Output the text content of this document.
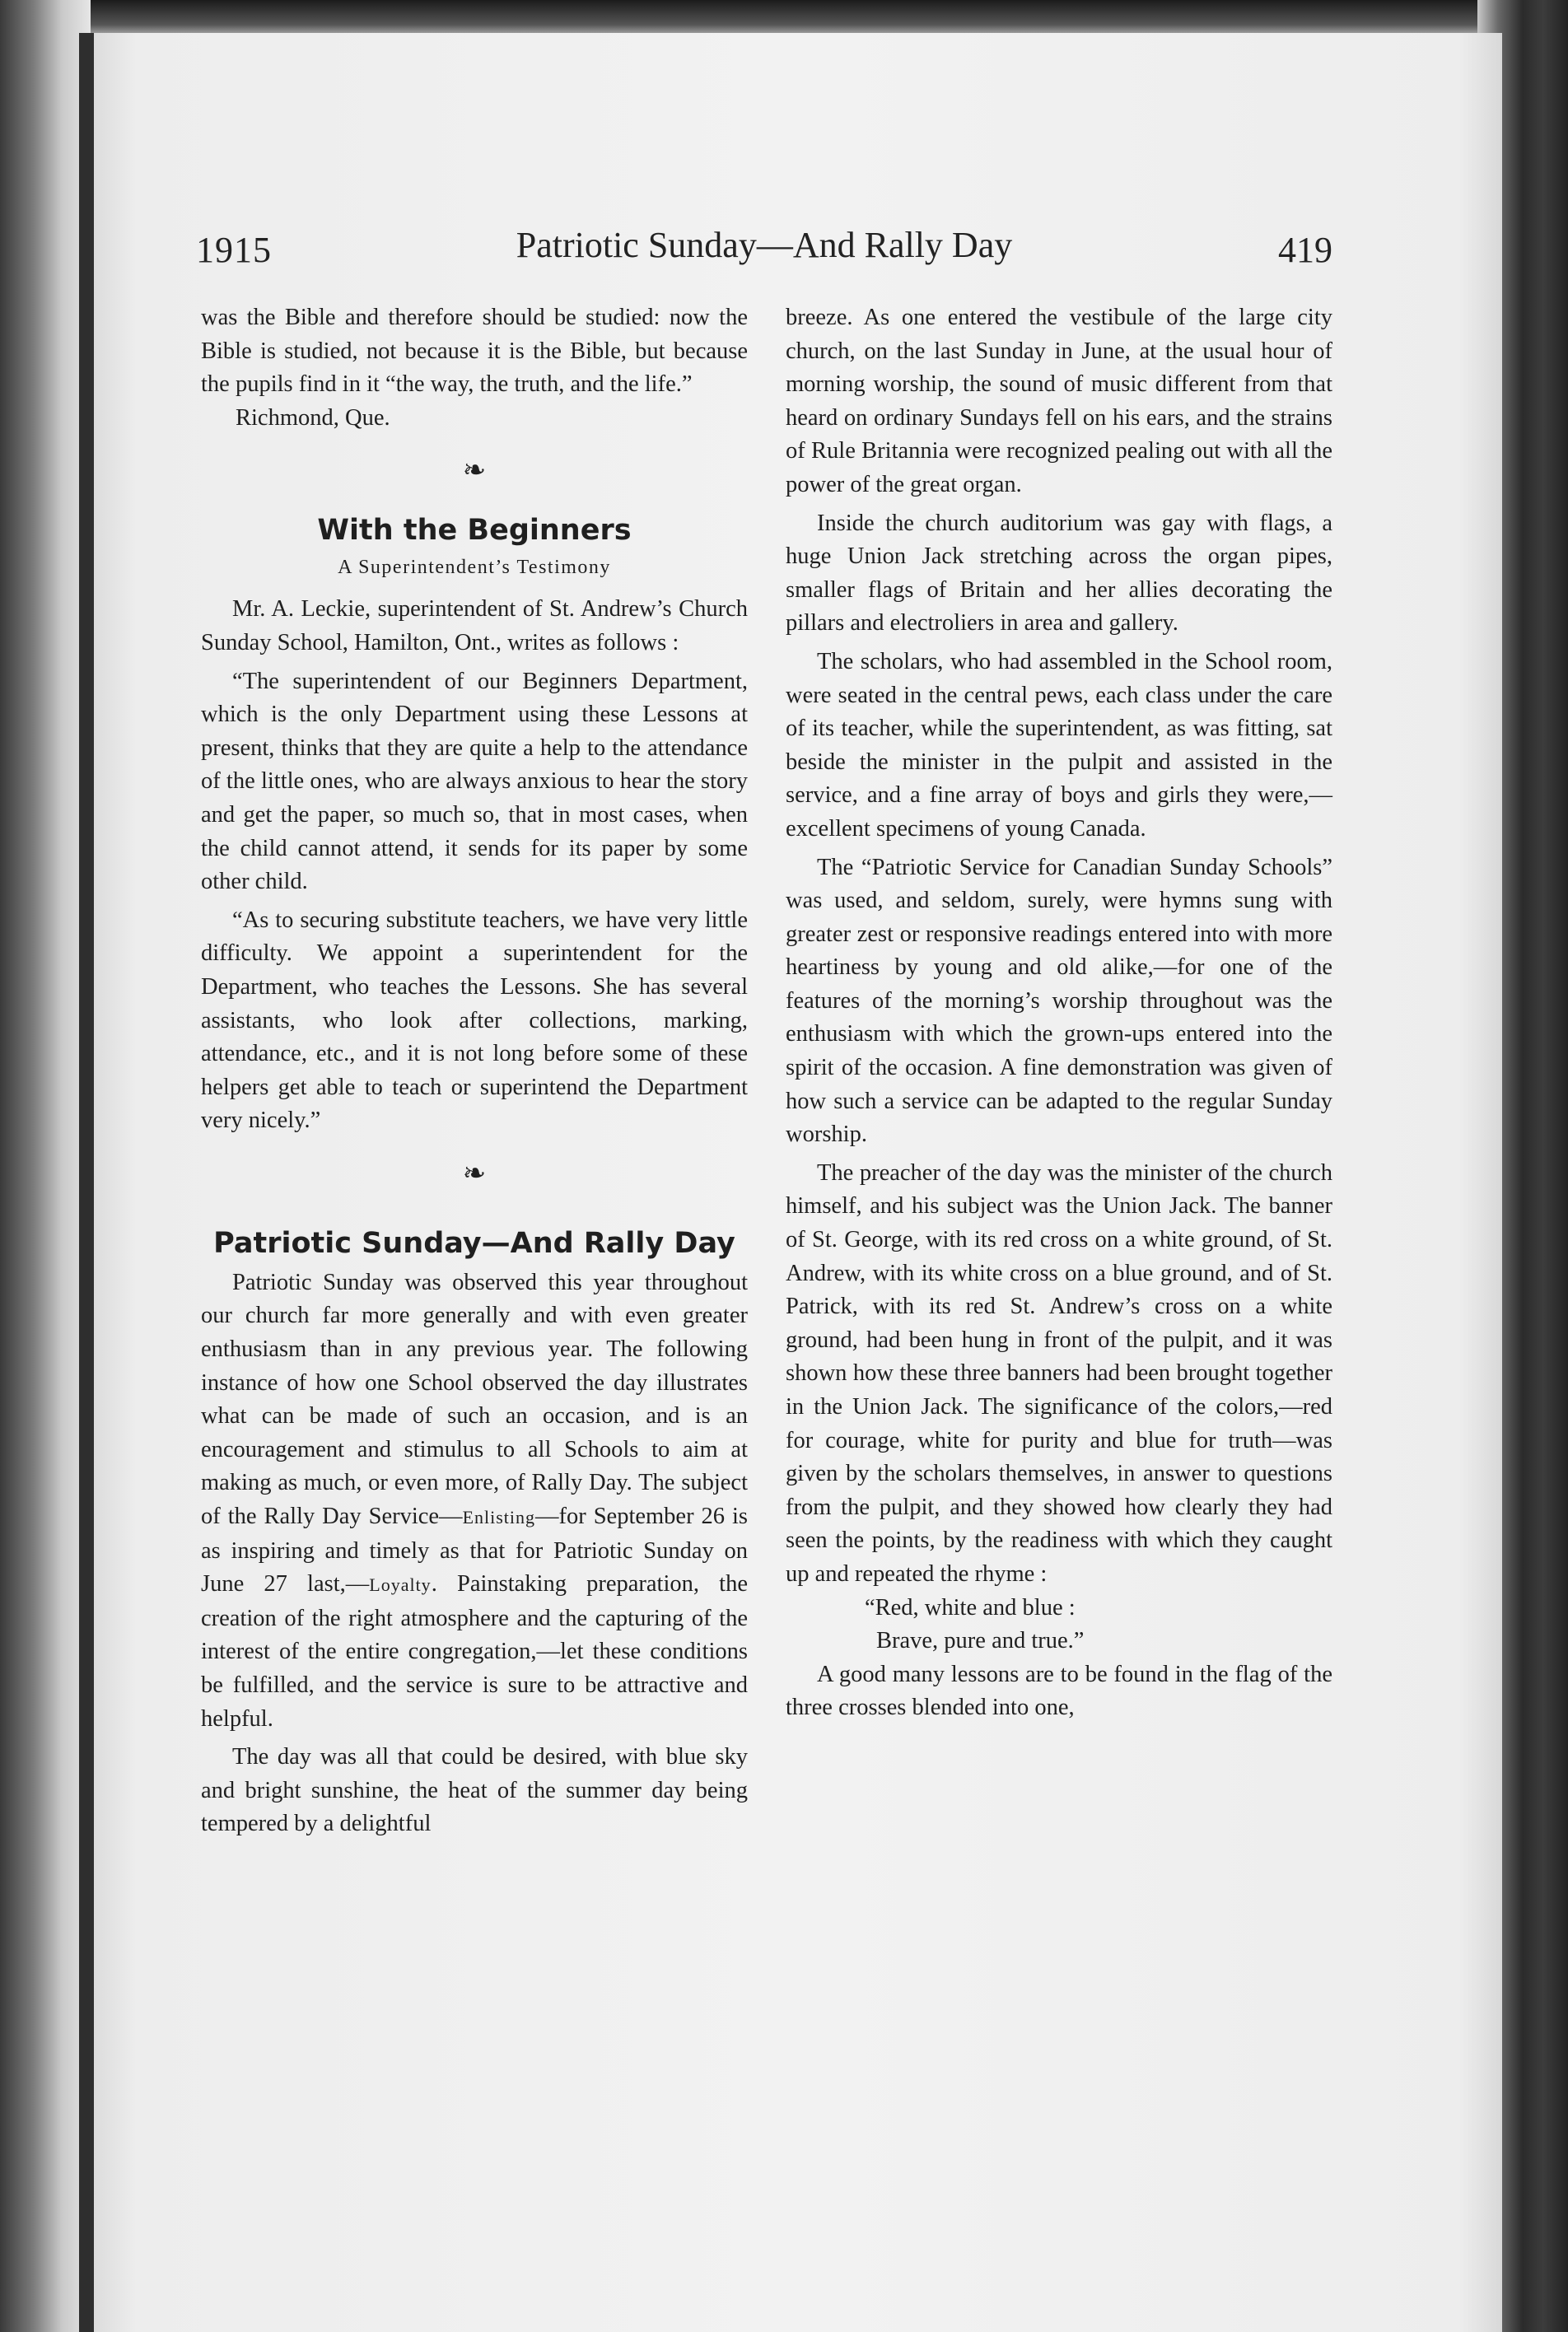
1915	Patriotic Sunday—And Rally Day	419

was the Bible and therefore should be studied: now the Bible is studied, not because it is the Bible, but because the pupils find in it “the way, the truth, and the life.”

Richmond, Que.

❧
With the Beginners
A Superintendent’s Testimony

Mr. A. Leckie, superintendent of St. Andrew’s Church Sunday School, Hamilton, Ont., writes as follows :

“The superintendent of our Beginners Department, which is the only Department using these Lessons at present, thinks that they are quite a help to the attendance of the little ones, who are always anxious to hear the story and get the paper, so much so, that in most cases, when the child cannot attend, it sends for its paper by some other child.

“As to securing substitute teachers, we have very little difficulty. We appoint a superintendent for the Department, who teaches the Lessons. She has several assistants, who look after collections, marking, attendance, etc., and it is not long before some of these helpers get able to teach or superintend the Department very nicely.”

❧
Patriotic Sunday—And Rally Day

Patriotic Sunday was observed this year throughout our church far more generally and with even greater enthusiasm than in any previous year. The following instance of how one School observed the day illustrates what can be made of such an occasion, and is an encouragement and stimulus to all Schools to aim at making as much, or even more, of Rally Day. The subject of the Rally Day Service—Enlisting—for September 26 is as inspiring and timely as that for Patriotic Sunday on June 27 last,—Loyalty. Painstaking preparation, the creation of the right atmosphere and the capturing of the interest of the entire congregation,—let these conditions be fulfilled, and the service is sure to be attractive and helpful.

The day was all that could be desired, with blue sky and bright sunshine, the heat of the summer day being tempered by a delightful

breeze. As one entered the vestibule of the large city church, on the last Sunday in June, at the usual hour of morning worship, the sound of music different from that heard on ordinary Sundays fell on his ears, and the strains of Rule Britannia were recognized pealing out with all the power of the great organ.

Inside the church auditorium was gay with flags, a huge Union Jack stretching across the organ pipes, smaller flags of Britain and her allies decorating the pillars and electroliers in area and gallery.

The scholars, who had assembled in the School room, were seated in the central pews, each class under the care of its teacher, while the superintendent, as was fitting, sat beside the minister in the pulpit and assisted in the service, and a fine array of boys and girls they were,—excellent specimens of young Canada.

The “Patriotic Service for Canadian Sunday Schools” was used, and seldom, surely, were hymns sung with greater zest or responsive readings entered into with more heartiness by young and old alike,—for one of the features of the morning’s worship throughout was the enthusiasm with which the grown-ups entered into the spirit of the occasion. A fine demonstration was given of how such a service can be adapted to the regular Sunday worship.

The preacher of the day was the minister of the church himself, and his subject was the Union Jack. The banner of St. George, with its red cross on a white ground, of St. Andrew, with its white cross on a blue ground, and of St. Patrick, with its red St. Andrew’s cross on a white ground, had been hung in front of the pulpit, and it was shown how these three banners had been brought together in the Union Jack. The significance of the colors,—red for courage, white for purity and blue for truth—was given by the scholars themselves, in answer to questions from the pulpit, and they showed how clearly they had seen the points, by the readiness with which they caught up and repeated the rhyme :

“Red, white and blue :

Brave, pure and true.”

A good many lessons are to be found in the flag of the three crosses blended into one,
